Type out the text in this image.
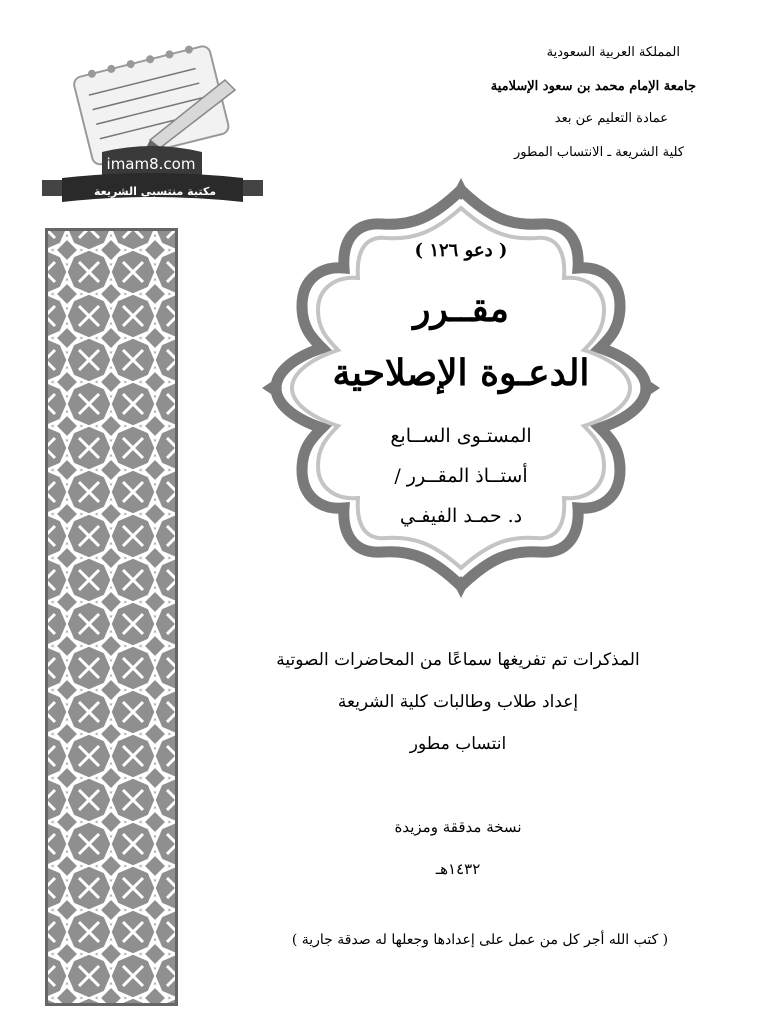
المملكة العربية السعودية
جامعة الإمام محمد بن سعود الإسلامية
عمادة التعليم عن بعد
كلية الشريعة ـ الانتساب المطور
imam8.com
مكتبة منتسبي الشريعة
( دعو ١٢٦ )
مقــرر
الدعـوة الإصلاحية
المستـوى الســابع
أستــاذ المقــرر /
د. حمـد الفيفـي
المذكرات تم تفريغها سماعًا من المحاضرات الصوتية
إعداد طلاب وطالبات كلية الشريعة
انتساب مطور
نسخة مدققة ومزيدة
١٤٣٢هـ
( كتب الله أجر كل من عمل على إعدادها وجعلها له صدقة جارية )
